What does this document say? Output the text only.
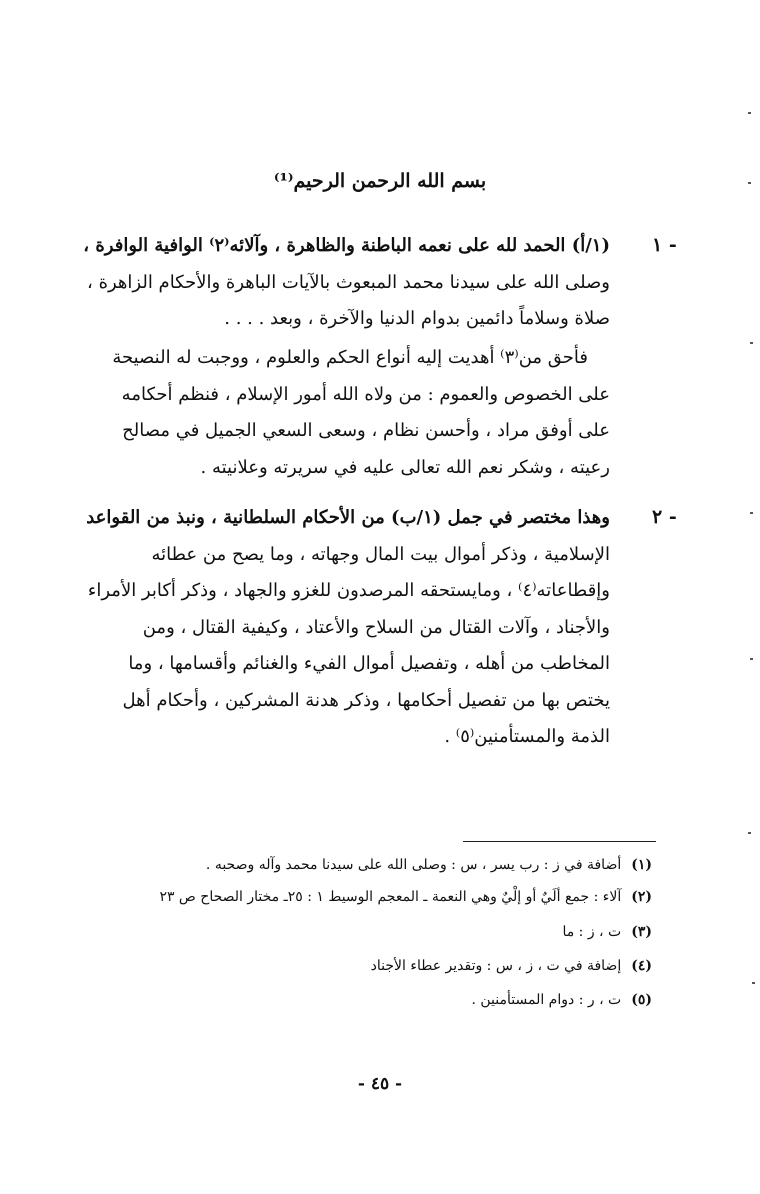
بسم الله الرحمن الرحيم⁽¹⁾
١ -
(١/أ) الحمد لله على نعمه الباطنة والظاهرة ، وآلائه⁽٢⁾ الوافية الوافرة ،
وصلى الله على سيدنا محمد المبعوث بالآيات الباهرة والأحكام الزاهرة ،
صلاة وسلاماً دائمين بدوام الدنيا والآخرة ، وبعد . . . .
فأحق من⁽٣⁾ أهديت إليه أنواع الحكم والعلوم ، ووجبت له النصيحة
على الخصوص والعموم : من ولاه الله أمور الإسلام ، فنظم أحكامه
على أوفق مراد ، وأحسن نظام ، وسعى السعي الجميل في مصالح
رعيته ، وشكر نعم الله تعالى عليه في سريرته وعلانيته .
٢ -
وهذا مختصر في جمل (١/ب) من الأحكام السلطانية ، ونبذ من القواعد
الإسلامية ، وذكر أموال بيت المال وجهاته ، وما يصح من عطائه
وإقطاعاته⁽٤⁾ ، ومايستحقه المرصدون للغزو والجهاد ، وذكر أكابر الأمراء
والأجناد ، وآلات القتال من السلاح والأعتاد ، وكيفية القتال ، ومن
المخاطب من أهله ، وتفصيل أموال الفيء والغنائم وأقسامها ، وما
يختص بها من تفصيل أحكامها ، وذكر هدنة المشركين ، وأحكام أهل
الذمة والمستأمنين⁽٥⁾ .
(١)أضافة في ز : رب يسر ، س : وصلى الله على سيدنا محمد وآله وصحبه .
(٢)آلاء : جمع ألَيٌ أو إلْيٌ وهي النعمة ـ المعجم الوسيط ١ : ٢٥ـ مختار الصحاح ص ٢٣
(٣)ت ، ز : ما
(٤)إضافة في ت ، ز ، س : وتقدير عطاء الأجناد
(٥)ت ، ر : دوام المستأمنين .
- ٤٥ -
